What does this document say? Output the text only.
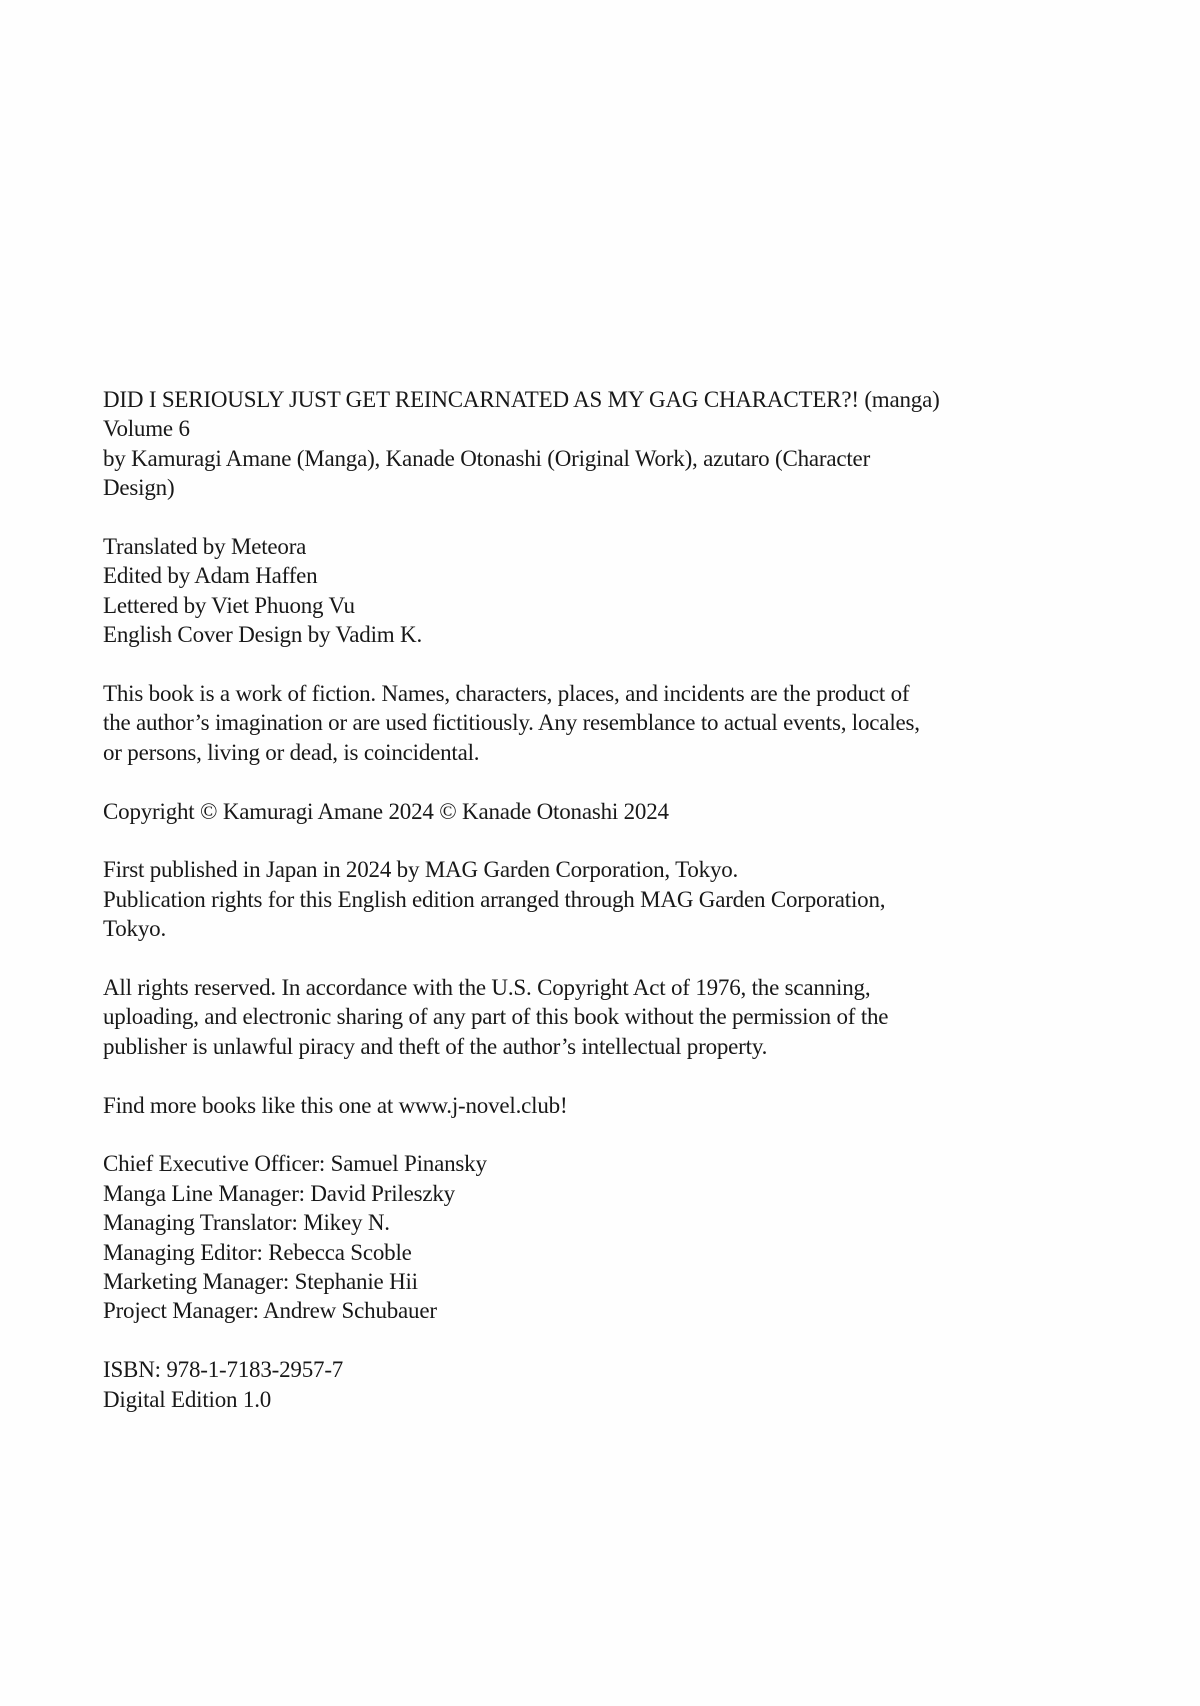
DID I SERIOUSLY JUST GET REINCARNATED AS MY GAG CHARACTER?! (manga)
Volume 6
by Kamuragi Amane (Manga), Kanade Otonashi (Original Work), azutaro (Character
Design)
Translated by Meteora
Edited by Adam Haffen
Lettered by Viet Phuong Vu
English Cover Design by Vadim K.
This book is a work of fiction. Names, characters, places, and incidents are the product of
the author’s imagination or are used fictitiously. Any resemblance to actual events, locales,
or persons, living or dead, is coincidental.
Copyright © Kamuragi Amane 2024 © Kanade Otonashi 2024
First published in Japan in 2024 by MAG Garden Corporation, Tokyo.
Publication rights for this English edition arranged through MAG Garden Corporation,
Tokyo.
All rights reserved. In accordance with the U.S. Copyright Act of 1976, the scanning,
uploading, and electronic sharing of any part of this book without the permission of the
publisher is unlawful piracy and theft of the author’s intellectual property.
Find more books like this one at www.j-novel.club!
Chief Executive Officer: Samuel Pinansky
Manga Line Manager: David Prileszky
Managing Translator: Mikey N.
Managing Editor: Rebecca Scoble
Marketing Manager: Stephanie Hii
Project Manager: Andrew Schubauer
ISBN: 978-1-7183-2957-7
Digital Edition 1.0
